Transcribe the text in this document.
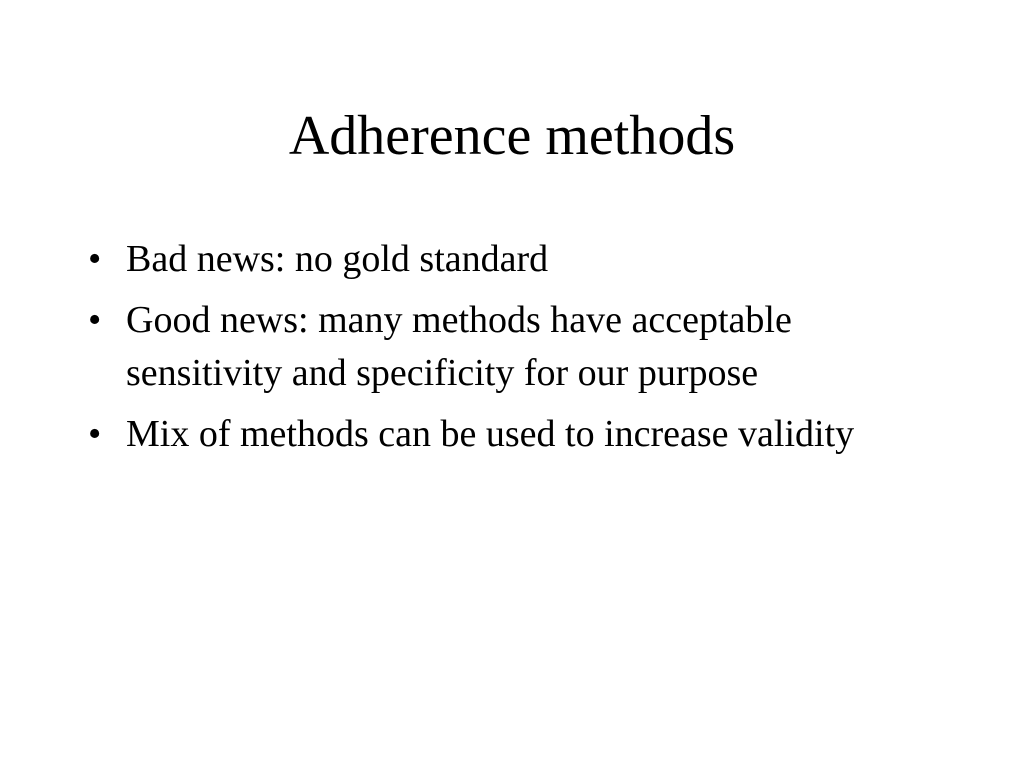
Adherence methods
• Bad news: no gold standard
• Good news: many methods have acceptable sensitivity and specificity for our purpose
• Mix of methods can be used to increase validity
